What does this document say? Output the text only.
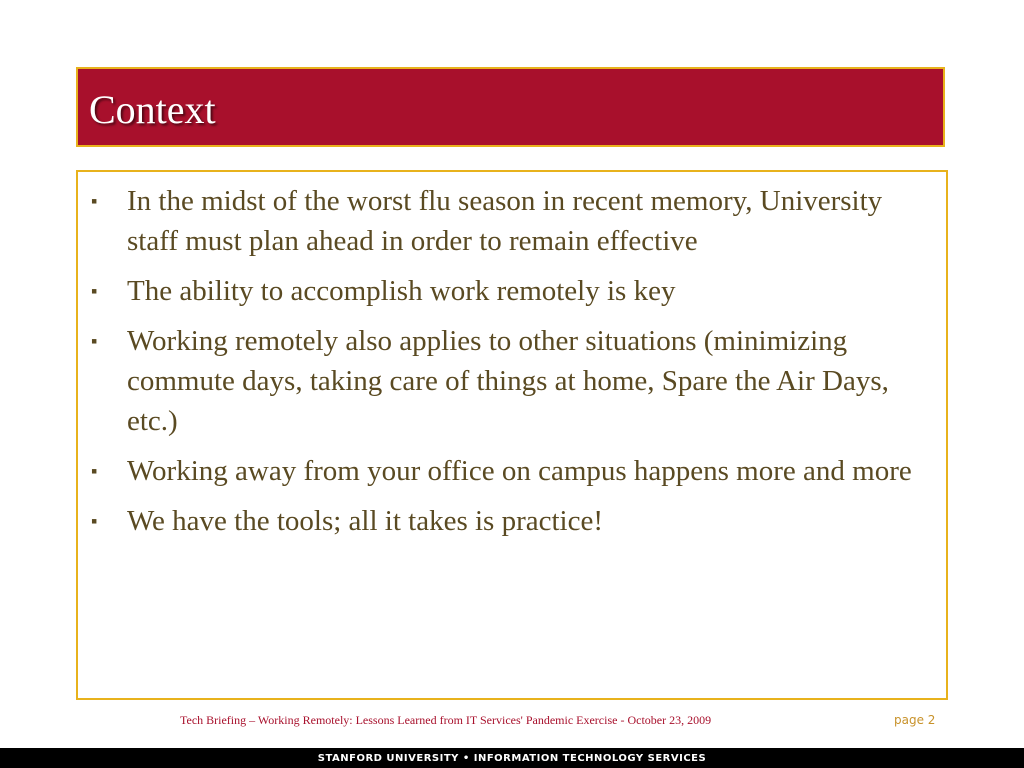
Context
▪ In the midst of the worst flu season in recent memory, University staff must plan ahead in order to remain effective
▪ The ability to accomplish work remotely is key
▪ Working remotely also applies to other situations (minimizing commute days, taking care of things at home, Spare the Air Days, etc.)
▪ Working away from your office on campus happens more and more
▪ We have the tools; all it takes is practice!
Tech Briefing – Working Remotely: Lessons Learned from IT Services' Pandemic Exercise - October 23, 2009	page 2
STANFORD UNIVERSITY • INFORMATION TECHNOLOGY SERVICES
